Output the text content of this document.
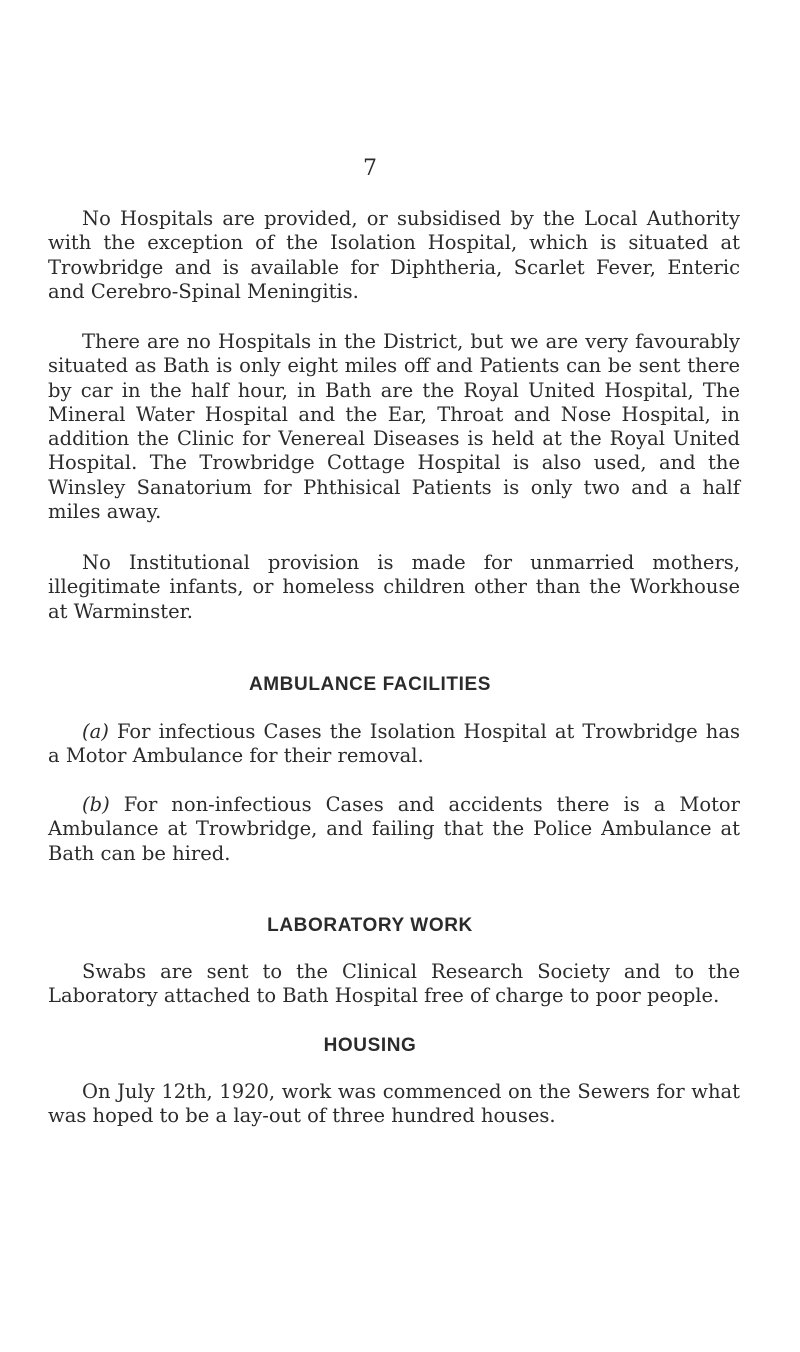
7

No Hospitals are provided, or subsidised by the Local Authority with the exception of the Isolation Hospital, which is situated at Trowbridge and is available for Diphtheria, Scarlet Fever, Enteric and Cerebro-Spinal Meningitis.

There are no Hospitals in the District, but we are very favourably situated as Bath is only eight miles off and Patients can be sent there by car in the half hour, in Bath are the Royal United Hospital, The Mineral Water Hospital and the Ear, Throat and Nose Hospital, in addition the Clinic for Venereal Diseases is held at the Royal United Hospital. The Trowbridge Cottage Hospital is also used, and the Winsley Sanatorium for Phthisical Patients is only two and a half miles away.

No Institutional provision is made for unmarried mothers, illegitimate infants, or homeless children other than the Workhouse at Warminster.

AMBULANCE FACILITIES

(a) For infectious Cases the Isolation Hospital at Trowbridge has a Motor Ambulance for their removal.

(b) For non-infectious Cases and accidents there is a Motor Ambulance at Trowbridge, and failing that the Police Ambulance at Bath can be hired.

LABORATORY WORK

Swabs are sent to the Clinical Research Society and to the Laboratory attached to Bath Hospital free of charge to poor people.

HOUSING

On July 12th, 1920, work was commenced on the Sewers for what was hoped to be a lay-out of three hundred houses.
